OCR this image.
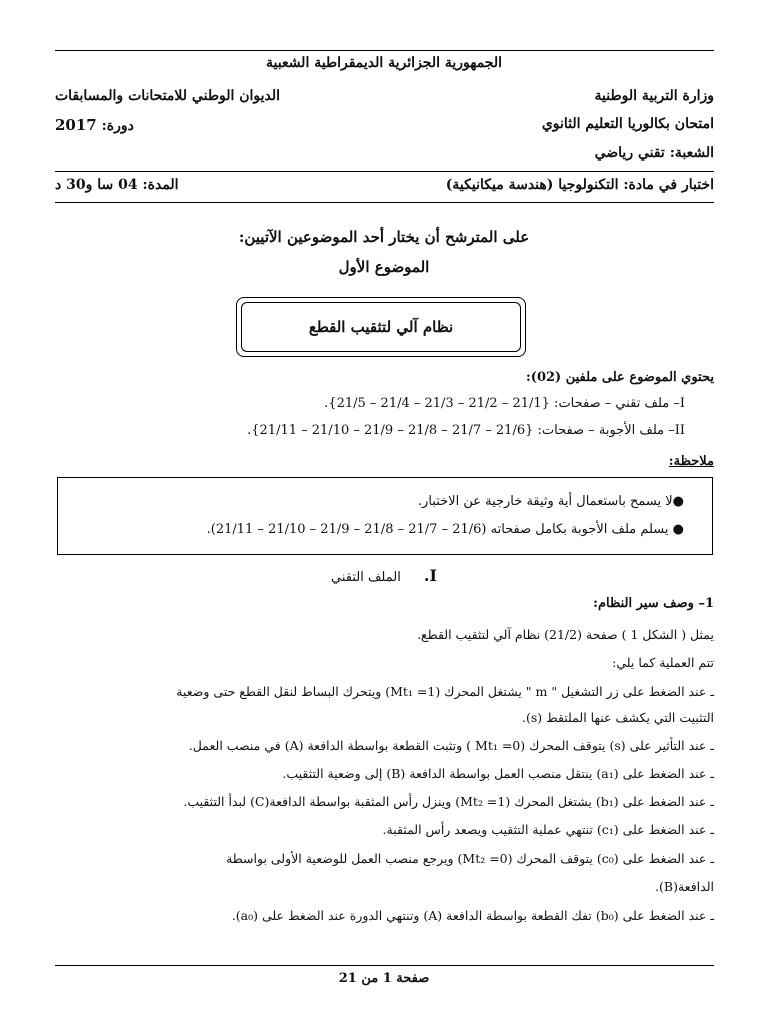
الجمهورية الجزائرية الديمقراطية الشعبية
وزارة التربية الوطنية
الديوان الوطني للامتحانات والمسابقات
امتحان بكالوريا التعليم الثانوي
دورة: 2017
الشعبة: تقني رياضي
اختبار في مادة: التكنولوجيا (هندسة ميكانيكية)
المدة: 04 سا و30 د
على المترشح أن يختار أحد الموضوعين الآتيين:
الموضوع الأول
نظام آلي لتثقيب القطع
يحتوي الموضوع على ملفين (02):
I– ملف تقني – صفحات: {21/1 – 21/2 – 21/3 – 21/4 – 21/5}.
II– ملف الأجوبة – صفحات: {21/6 – 21/7 – 21/8 – 21/9 – 21/10 – 21/11}.
ملاحظة:
●لا يسمح باستعمال أية وثيقة خارجية عن الاختبار.
● يسلم ملف الأجوبة بكامل صفحاته (21/6 – 21/7 – 21/8 – 21/9 – 21/10 – 21/11).
I. الملف التقني
1– وصف سير النظام:
يمثل ( الشكل 1 ) صفحة (21/2) نظام آلي لتثقيب القطع.
تتم العملية كما يلي:
ـ عند الضغط على زر التشغيل " m " يشتغل المحرك (Mt₁ =1) ويتحرك البساط لنقل القطع حتى وضعية
التثبيت التي يكشف عنها الملتقط (s).
ـ عند التأثير على (s) يتوقف المحرك (Mt₁ =0 ) وتثبت القطعة بواسطة الدافعة (A) في منصب العمل.
ـ عند الضغط على (a₁) ينتقل منصب العمل بواسطة الدافعة (B) إلى وضعية التثقيب.
ـ عند الضغط على (b₁) يشتغل المحرك (Mt₂ =1) وينزل رأس المثقبة بواسطة الدافعة(C) لبدأ التثقيب.
ـ عند الضغط على (c₁) تنتهي عملية التثقيب ويصعد رأس المثقبة.
ـ عند الضغط على (c₀) يتوقف المحرك (Mt₂ =0) ويرجع منصب العمل للوضعية الأولى بواسطة
الدافعة(B).
ـ عند الضغط على (b₀) تفك القطعة بواسطة الدافعة (A) وتنتهي الدورة عند الضغط على (a₀).
صفحة 1 من 21
